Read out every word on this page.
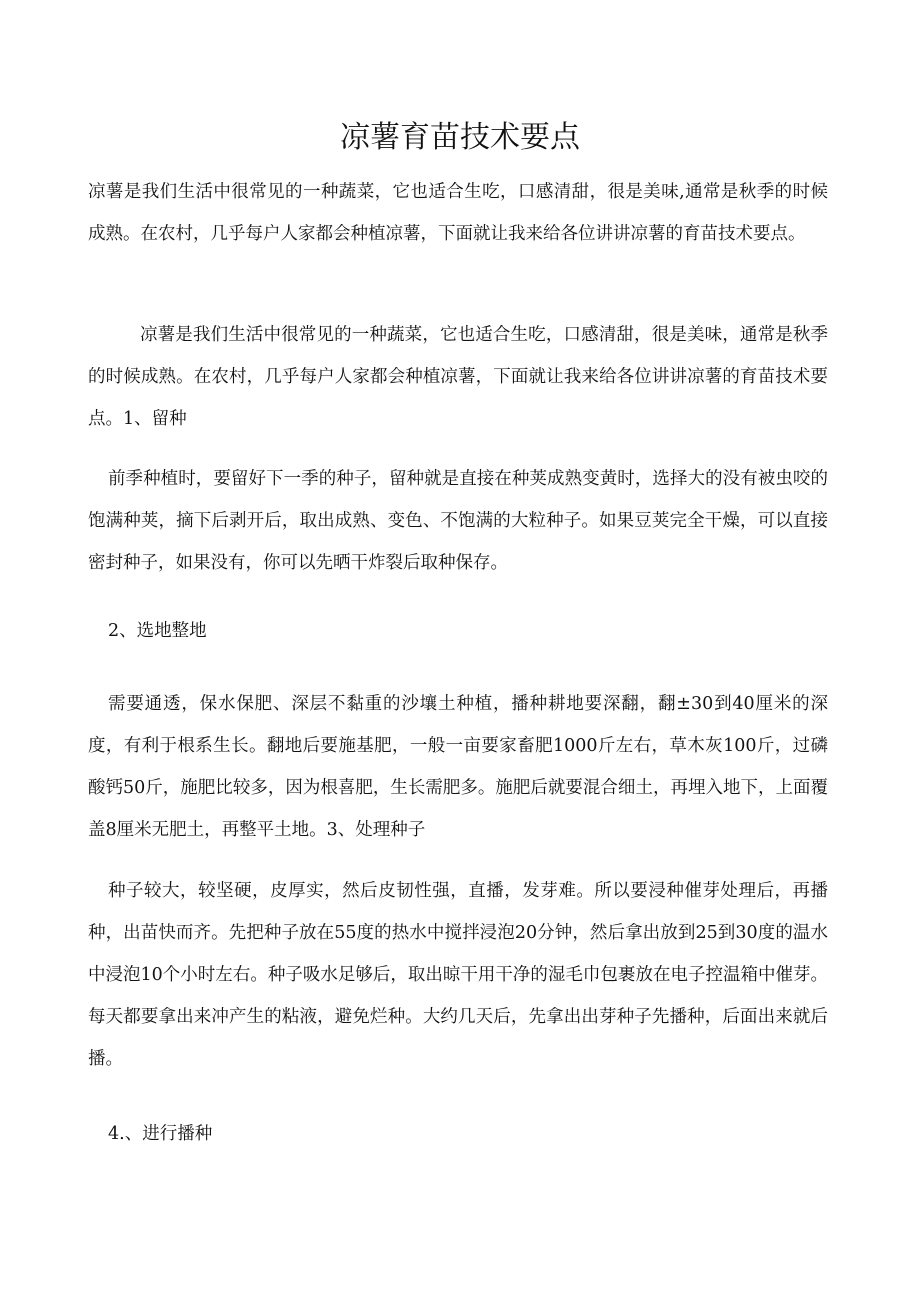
凉薯育苗技术要点

凉薯是我们生活中很常见的一种蔬菜，它也适合生吃，口感清甜，很是美味,通常是秋季的时候成熟。在农村，几乎每户人家都会种植凉薯，下面就让我来给各位讲讲凉薯的育苗技术要点。

凉薯是我们生活中很常见的一种蔬菜，它也适合生吃，口感清甜，很是美味，通常是秋季的时候成熟。在农村，几乎每户人家都会种植凉薯，下面就让我来给各位讲讲凉薯的育苗技术要点。1、留种

前季种植时，要留好下一季的种子，留种就是直接在种荚成熟变黄时，选择大的没有被虫咬的饱满种荚，摘下后剥开后，取出成熟、变色、不饱满的大粒种子。如果豆荚完全干燥，可以直接密封种子，如果没有，你可以先晒干炸裂后取种保存。

2、选地整地

需要通透，保水保肥、深层不黏重的沙壤土种植，播种耕地要深翻，翻±30到40厘米的深度，有利于根系生长。翻地后要施基肥，一般一亩要家畜肥1000斤左右，草木灰100斤，过磷酸钙50斤，施肥比较多，因为根喜肥，生长需肥多。施肥后就要混合细土，再埋入地下，上面覆盖8厘米无肥土，再整平土地。3、处理种子

种子较大，较坚硬，皮厚实，然后皮韧性强，直播，发芽难。所以要浸种催芽处理后，再播种，出苗快而齐。先把种子放在55度的热水中搅拌浸泡20分钟，然后拿出放到25到30度的温水中浸泡10个小时左右。种子吸水足够后，取出晾干用干净的湿毛巾包裹放在电子控温箱中催芽。每天都要拿出来冲产生的粘液，避免烂种。大约几天后，先拿出出芽种子先播种，后面出来就后播。

4.、进行播种
